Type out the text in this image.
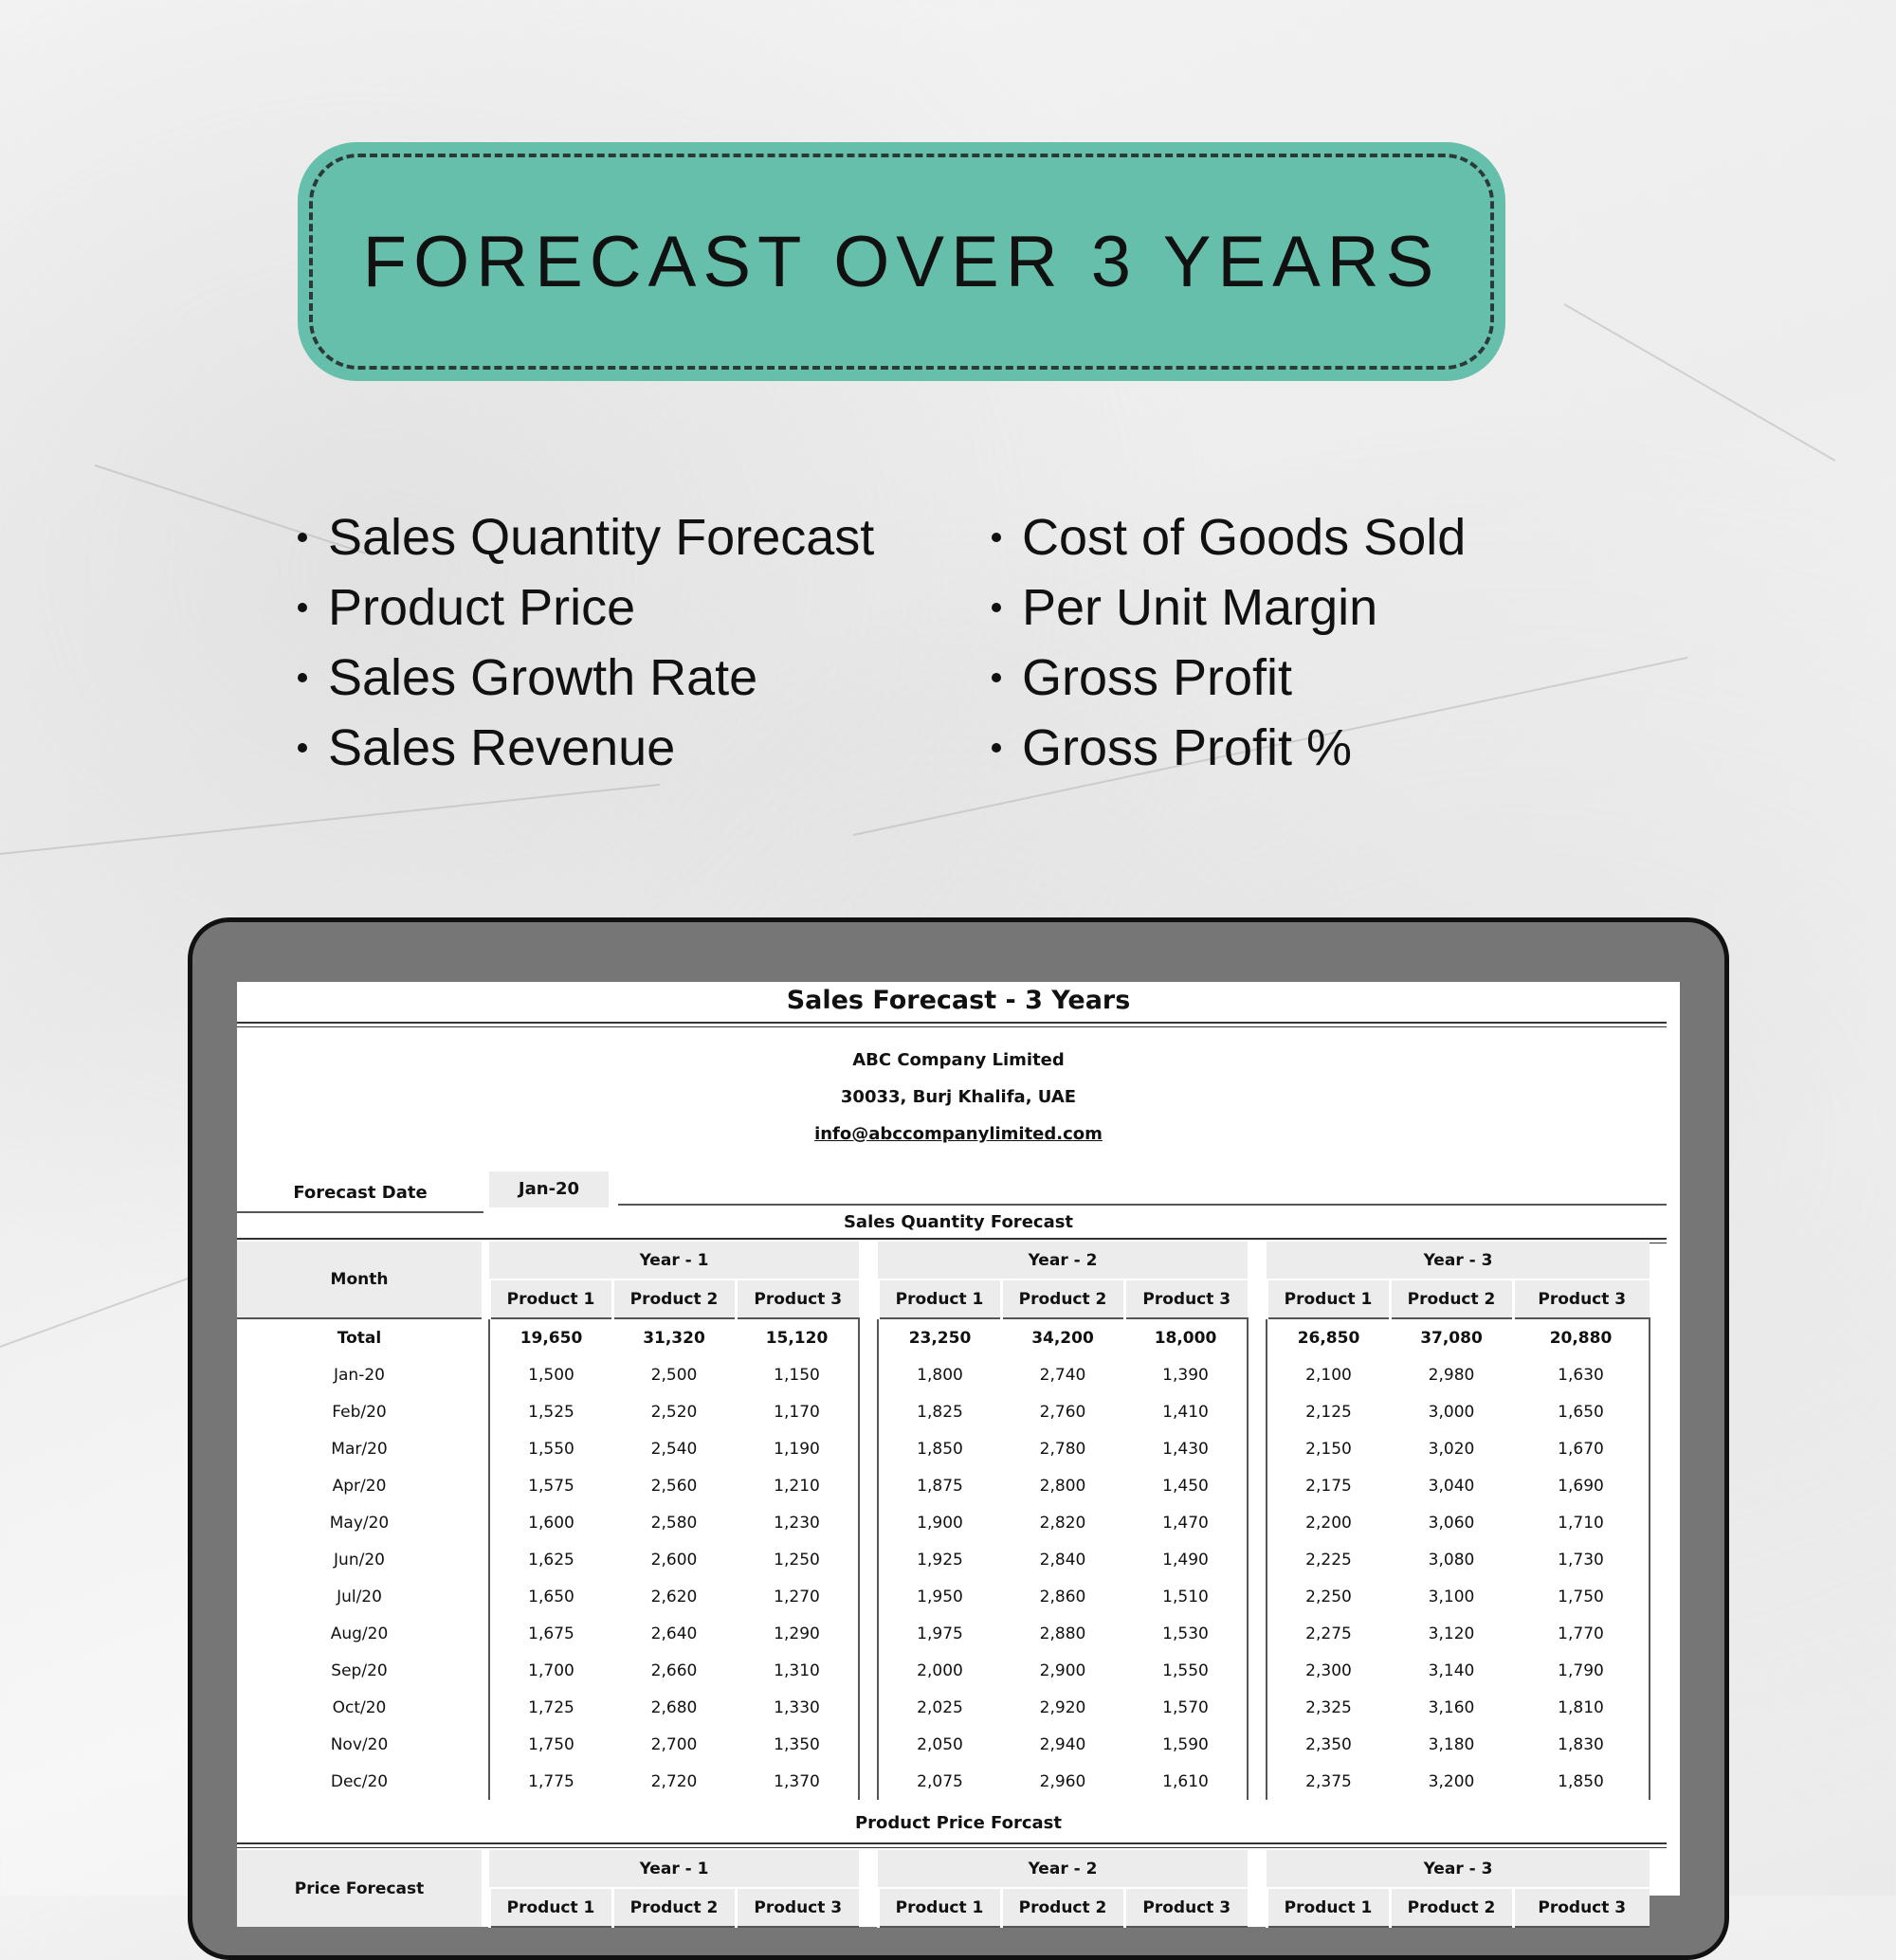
FORECAST OVER 3 YEARS
Sales Quantity Forecast
Product Price
Sales Growth Rate
Sales Revenue
Cost of Goods Sold
Per Unit Margin
Gross Profit
Gross Profit %
Sales Forecast - 3 Years
ABC Company Limited
30033, Burj Khalifa, UAE
info@abccompanylimited.com
Forecast Date	Jan-20
Sales Quantity Forecast
Month		Year - 1				Year - 2				Year - 3		
		Product 1	Product 2	Product 3		Product 1	Product 2	Product 3		Product 1	Product 2	Product 3
Total		19,650	31,320	15,120		23,250	34,200	18,000		26,850	37,080	20,880
Jan-20		1,500	2,500	1,150		1,800	2,740	1,390		2,100	2,980	1,630
Feb/20		1,525	2,520	1,170		1,825	2,760	1,410		2,125	3,000	1,650
Mar/20		1,550	2,540	1,190		1,850	2,780	1,430		2,150	3,020	1,670
Apr/20		1,575	2,560	1,210		1,875	2,800	1,450		2,175	3,040	1,690
May/20		1,600	2,580	1,230		1,900	2,820	1,470		2,200	3,060	1,710
Jun/20		1,625	2,600	1,250		1,925	2,840	1,490		2,225	3,080	1,730
Jul/20		1,650	2,620	1,270		1,950	2,860	1,510		2,250	3,100	1,750
Aug/20		1,675	2,640	1,290		1,975	2,880	1,530		2,275	3,120	1,770
Sep/20		1,700	2,660	1,310		2,000	2,900	1,550		2,300	3,140	1,790
Oct/20		1,725	2,680	1,330		2,025	2,920	1,570		2,325	3,160	1,810
Nov/20		1,750	2,700	1,350		2,050	2,940	1,590		2,350	3,180	1,830
Dec/20		1,775	2,720	1,370		2,075	2,960	1,610		2,375	3,200	1,850
Product Price Forcast
Price Forecast		Year - 1				Year - 2				Year - 3		
		Product 1	Product 2	Product 3		Product 1	Product 2	Product 3		Product 1	Product 2	Product 3
